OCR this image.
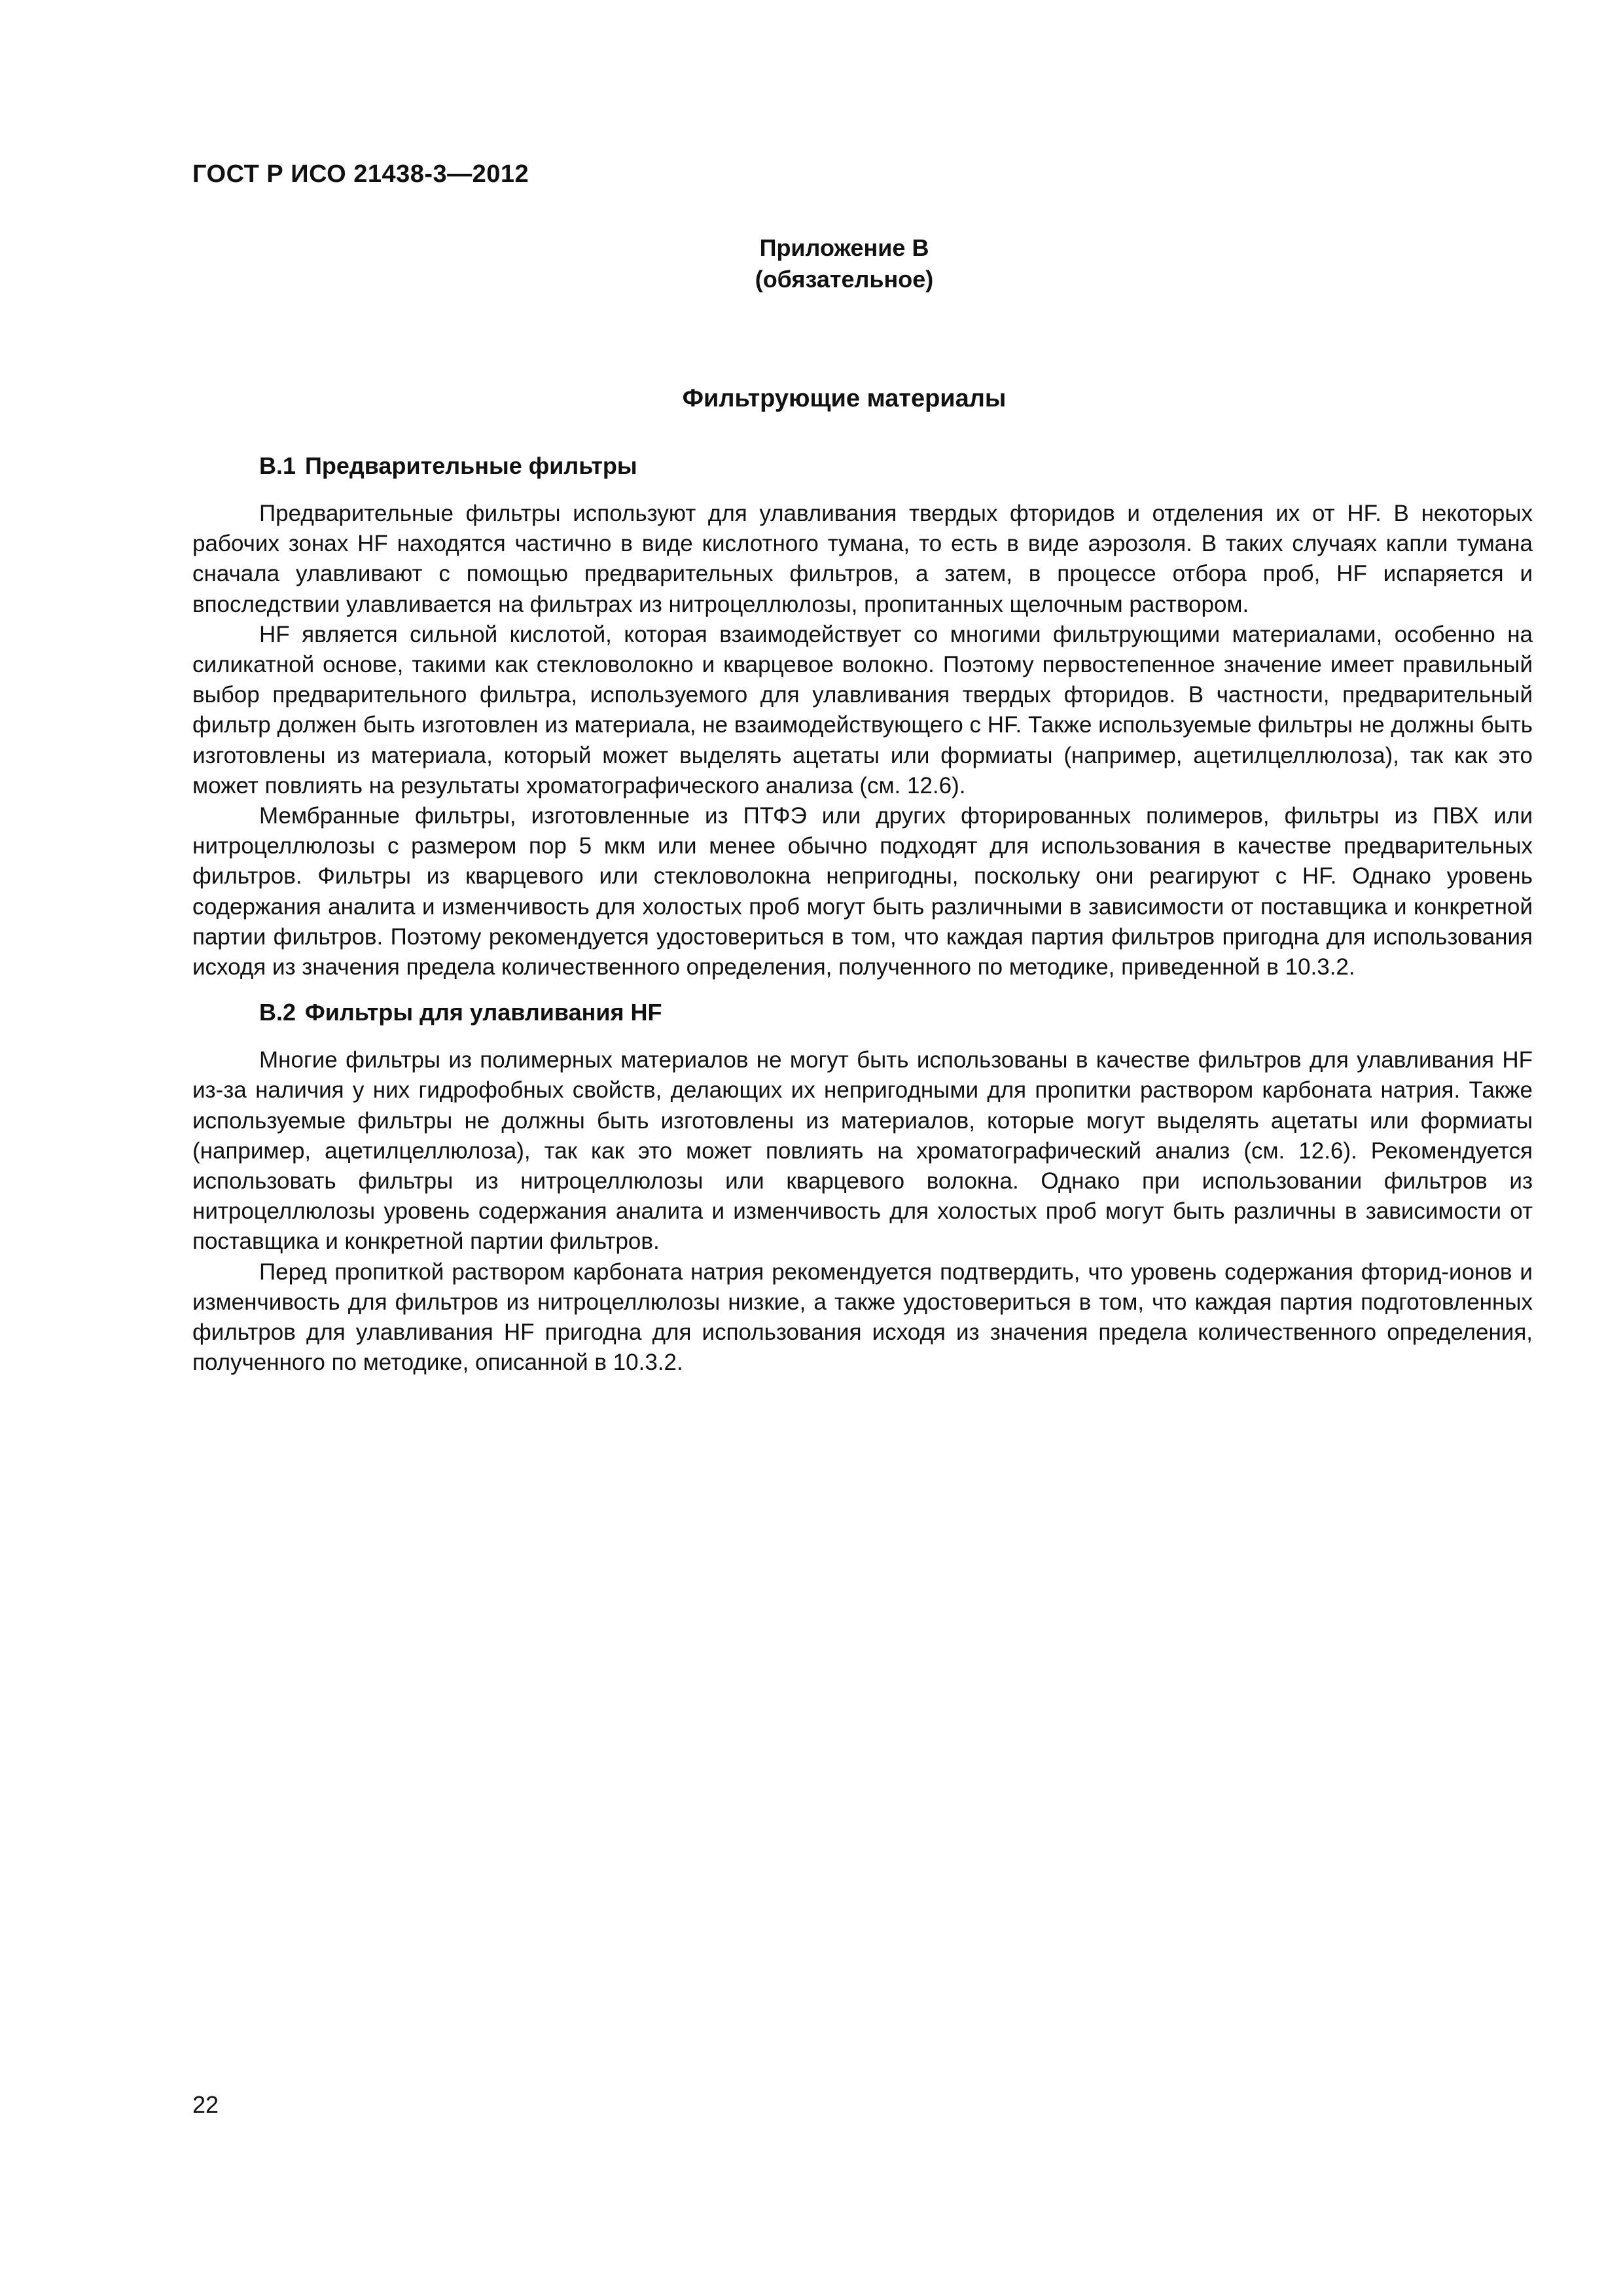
ГОСТ Р ИСО 21438-3—2012
Приложение В
(обязательное)
Фильтрующие материалы
В.1 Предварительные фильтры

Предварительные фильтры используют для улавливания твердых фторидов и отделения их от HF. В некоторых рабочих зонах HF находятся частично в виде кислотного тумана, то есть в виде аэрозоля. В таких случаях капли тумана сначала улавливают с помощью предварительных фильтров, а затем, в процессе отбора проб, HF испаряется и впоследствии улавливается на фильтрах из нитроцеллюлозы, пропитанных щелочным раствором.

HF является сильной кислотой, которая взаимодействует со многими фильтрующими материалами, особенно на силикатной основе, такими как стекловолокно и кварцевое волокно. Поэтому первостепенное значение имеет правильный выбор предварительного фильтра, используемого для улавливания твердых фторидов. В частности, предварительный фильтр должен быть изготовлен из материала, не взаимодействующего с HF. Также используемые фильтры не должны быть изготовлены из материала, который может выделять ацетаты или формиаты (например, ацетилцеллюлоза), так как это может повлиять на результаты хроматографического анализа (см. 12.6).

Мембранные фильтры, изготовленные из ПТФЭ или других фторированных полимеров, фильтры из ПВХ или нитроцеллюлозы с размером пор 5 мкм или менее обычно подходят для использования в качестве предварительных фильтров. Фильтры из кварцевого или стекловолокна непригодны, поскольку они реагируют с HF. Однако уровень содержания аналита и изменчивость для холостых проб могут быть различными в зависимости от поставщика и конкретной партии фильтров. Поэтому рекомендуется удостовериться в том, что каждая партия фильтров пригодна для использования исходя из значения предела количественного определения, полученного по методике, приведенной в 10.3.2.

В.2 Фильтры для улавливания HF

Многие фильтры из полимерных материалов не могут быть использованы в качестве фильтров для улавливания HF из-за наличия у них гидрофобных свойств, делающих их непригодными для пропитки раствором карбоната натрия. Также используемые фильтры не должны быть изготовлены из материалов, которые могут выделять ацетаты или формиаты (например, ацетилцеллюлоза), так как это может повлиять на хроматографический анализ (см. 12.6). Рекомендуется использовать фильтры из нитроцеллюлозы или кварцевого волокна. Однако при использовании фильтров из нитроцеллюлозы уровень содержания аналита и изменчивость для холостых проб могут быть различны в зависимости от поставщика и конкретной партии фильтров.

Перед пропиткой раствором карбоната натрия рекомендуется подтвердить, что уровень содержания фторид-ионов и изменчивость для фильтров из нитроцеллюлозы низкие, а также удостовериться в том, что каждая партия подготовленных фильтров для улавливания HF пригодна для использования исходя из значения предела количественного определения, полученного по методике, описанной в 10.3.2.

22
